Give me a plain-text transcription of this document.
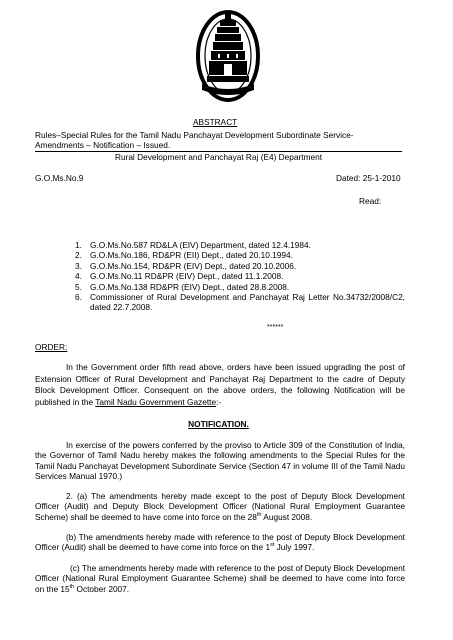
ABSTRACT
Rules–Special Rules for the Tamil Nadu Panchayat Development Subordinate Service-
Amendments – Notification – Issued.
Rural Development and Panchayat Raj (E4) Department
G.O.Ms.No.9	Dated: 25-1-2010
Read:
1. G.O.Ms.No.587 RD&LA (EIV) Department, dated 12.4.1984.
2. G.O.Ms.No.186, RD&PR (EII) Dept., dated 20.10.1994.
3. G.O.Ms.No.154, RD&PR (EIV) Dept., dated 20.10.2006.
4. G.O.Ms.No.11 RD&PR (EIV) Dept., dated 11.1.2008.
5. G.O.Ms.No.138 RD&PR (EIV) Dept., dated 28.8.2008.
6. Commissioner of Rural Development and Panchayat Raj Letter No.34732/2008/C2, dated 22.7.2008.
******
ORDER:
In the Government order fifth read above, orders have been issued upgrading the post of Extension Officer of Rural Development and Panchayat Raj Department to the cadre of Deputy Block Development Officer. Consequent on the above orders, the following Notification will be published in the Tamil Nadu Government Gazette:-
NOTIFICATION.
In exercise of the powers conferred by the proviso to Article 309 of the Constitution of India, the Governor of Tamil Nadu hereby makes the following amendments to the Special Rules for the Tamil Nadu Panchayat Development Subordinate Service (Section 47 in volume III of the Tamil Nadu Services Manual 1970.)
2. (a) The amendments hereby made except to the post of Deputy Block Development Officer (Audit) and Deputy Block Development Officer (National Rural Employment Guarantee Scheme) shall be deemed to have come into force on the 28th August 2008.
(b) The amendments hereby made with reference to the post of Deputy Block Development Officer (Audit) shall be deemed to have come into force on the 1st July 1997.
(c) The amendments hereby made with reference to the post of Deputy Block Development Officer (National Rural Employment Guarantee Scheme) shall be deemed to have come into force on the 15th October 2007.
